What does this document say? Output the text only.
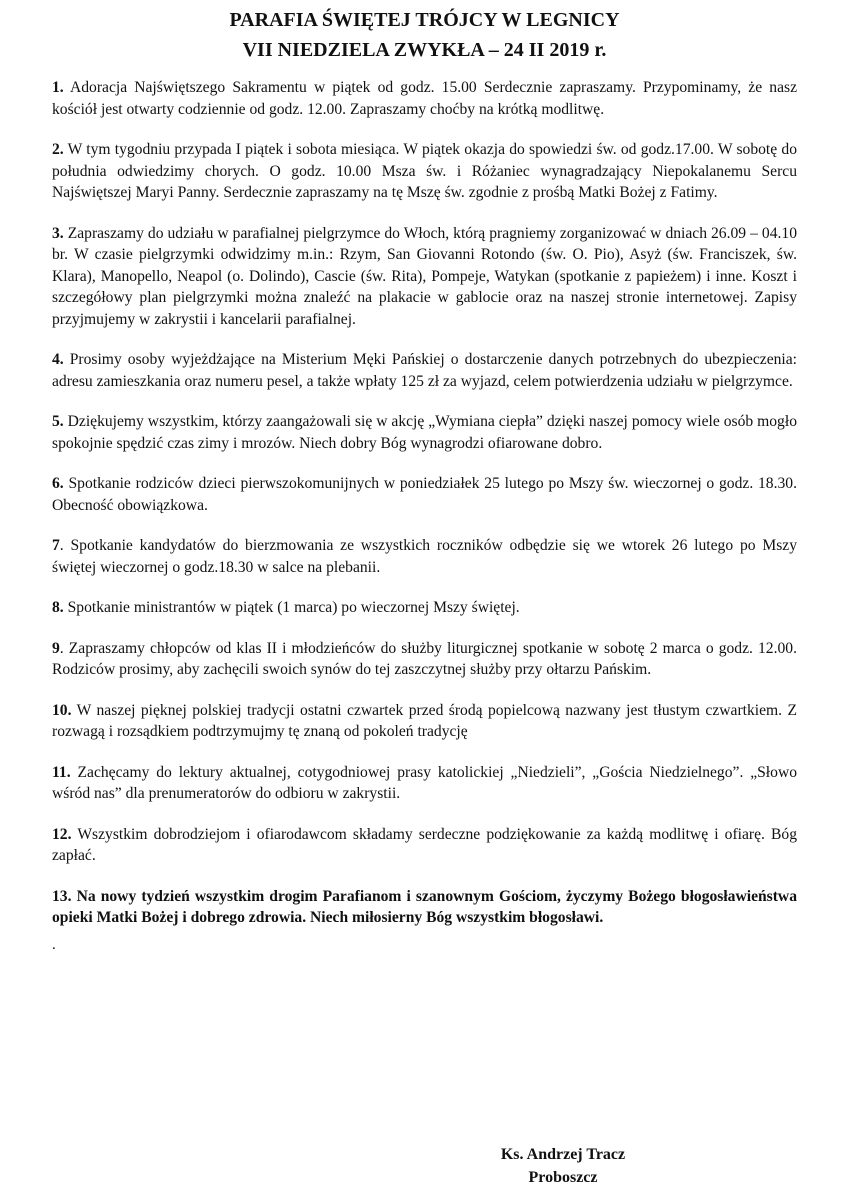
PARAFIA ŚWIĘTEJ TRÓJCY W LEGNICY
VII NIEDZIELA ZWYKŁA – 24 II 2019 r.

1. Adoracja Najświętszego Sakramentu w piątek od godz. 15.00 Serdecznie zapraszamy. Przypominamy, że nasz kościół jest otwarty codziennie od godz. 12.00. Zapraszamy choćby na krótką modlitwę.

2. W tym tygodniu przypada I piątek i sobota miesiąca. W piątek okazja do spowiedzi św. od godz.17.00. W sobotę do południa odwiedzimy chorych. O godz. 10.00 Msza św. i Różaniec wynagradzający Niepokalanemu Sercu Najświętszej Maryi Panny. Serdecznie zapraszamy na tę Mszę św. zgodnie z prośbą Matki Bożej z Fatimy.

3. Zapraszamy do udziału w parafialnej pielgrzymce do Włoch, którą pragniemy zorganizować w dniach 26.09 – 04.10 br. W czasie pielgrzymki odwidzimy m.in.: Rzym, San Giovanni Rotondo (św. O. Pio), Asyż (św. Franciszek, św. Klara), Manopello, Neapol (o. Dolindo), Cascie (św. Rita), Pompeje, Watykan (spotkanie z papieżem) i inne. Koszt i szczegółowy plan pielgrzymki można znaleźć na plakacie w gablocie oraz na naszej stronie internetowej. Zapisy przyjmujemy w zakrystii i kancelarii parafialnej.

4. Prosimy osoby wyjeżdżające na Misterium Męki Pańskiej o dostarczenie danych potrzebnych do ubezpieczenia: adresu zamieszkania oraz numeru pesel, a także wpłaty 125 zł za wyjazd, celem potwierdzenia udziału w pielgrzymce.

5. Dziękujemy wszystkim, którzy zaangażowali się w akcję „Wymiana ciepła” dzięki naszej pomocy wiele osób mogło spokojnie spędzić czas zimy i mrozów. Niech dobry Bóg wynagrodzi ofiarowane dobro.

6. Spotkanie rodziców dzieci pierwszokomunijnych w poniedziałek 25 lutego po Mszy św. wieczornej o godz. 18.30. Obecność obowiązkowa.

7. Spotkanie kandydatów do bierzmowania ze wszystkich roczników odbędzie się we wtorek 26 lutego po Mszy świętej wieczornej o godz.18.30 w salce na plebanii.

8. Spotkanie ministrantów w piątek (1 marca) po wieczornej Mszy świętej.

9. Zapraszamy chłopców od klas II i młodzieńców do służby liturgicznej spotkanie w sobotę 2 marca o godz. 12.00. Rodziców prosimy, aby zachęcili swoich synów do tej zaszczytnej służby przy ołtarzu Pańskim.

10. W naszej pięknej polskiej tradycji ostatni czwartek przed środą popielcową nazwany jest tłustym czwartkiem. Z rozwagą i rozsądkiem podtrzymujmy tę znaną od pokoleń tradycję

11. Zachęcamy do lektury aktualnej, cotygodniowej prasy katolickiej „Niedzieli”, „Gościa Niedzielnego”. „Słowo wśród nas” dla prenumeratorów do odbioru w zakrystii.

12. Wszystkim dobrodziejom i ofiarodawcom składamy serdeczne podziękowanie za każdą modlitwę i ofiarę. Bóg zapłać.

13. Na nowy tydzień wszystkim drogim Parafianom i szanownym Gościom, życzymy Bożego błogosławieństwa opieki Matki Bożej i dobrego zdrowia. Niech miłosierny Bóg wszystkim błogosławi.

.
Ks. Andrzej Tracz
Proboszcz
